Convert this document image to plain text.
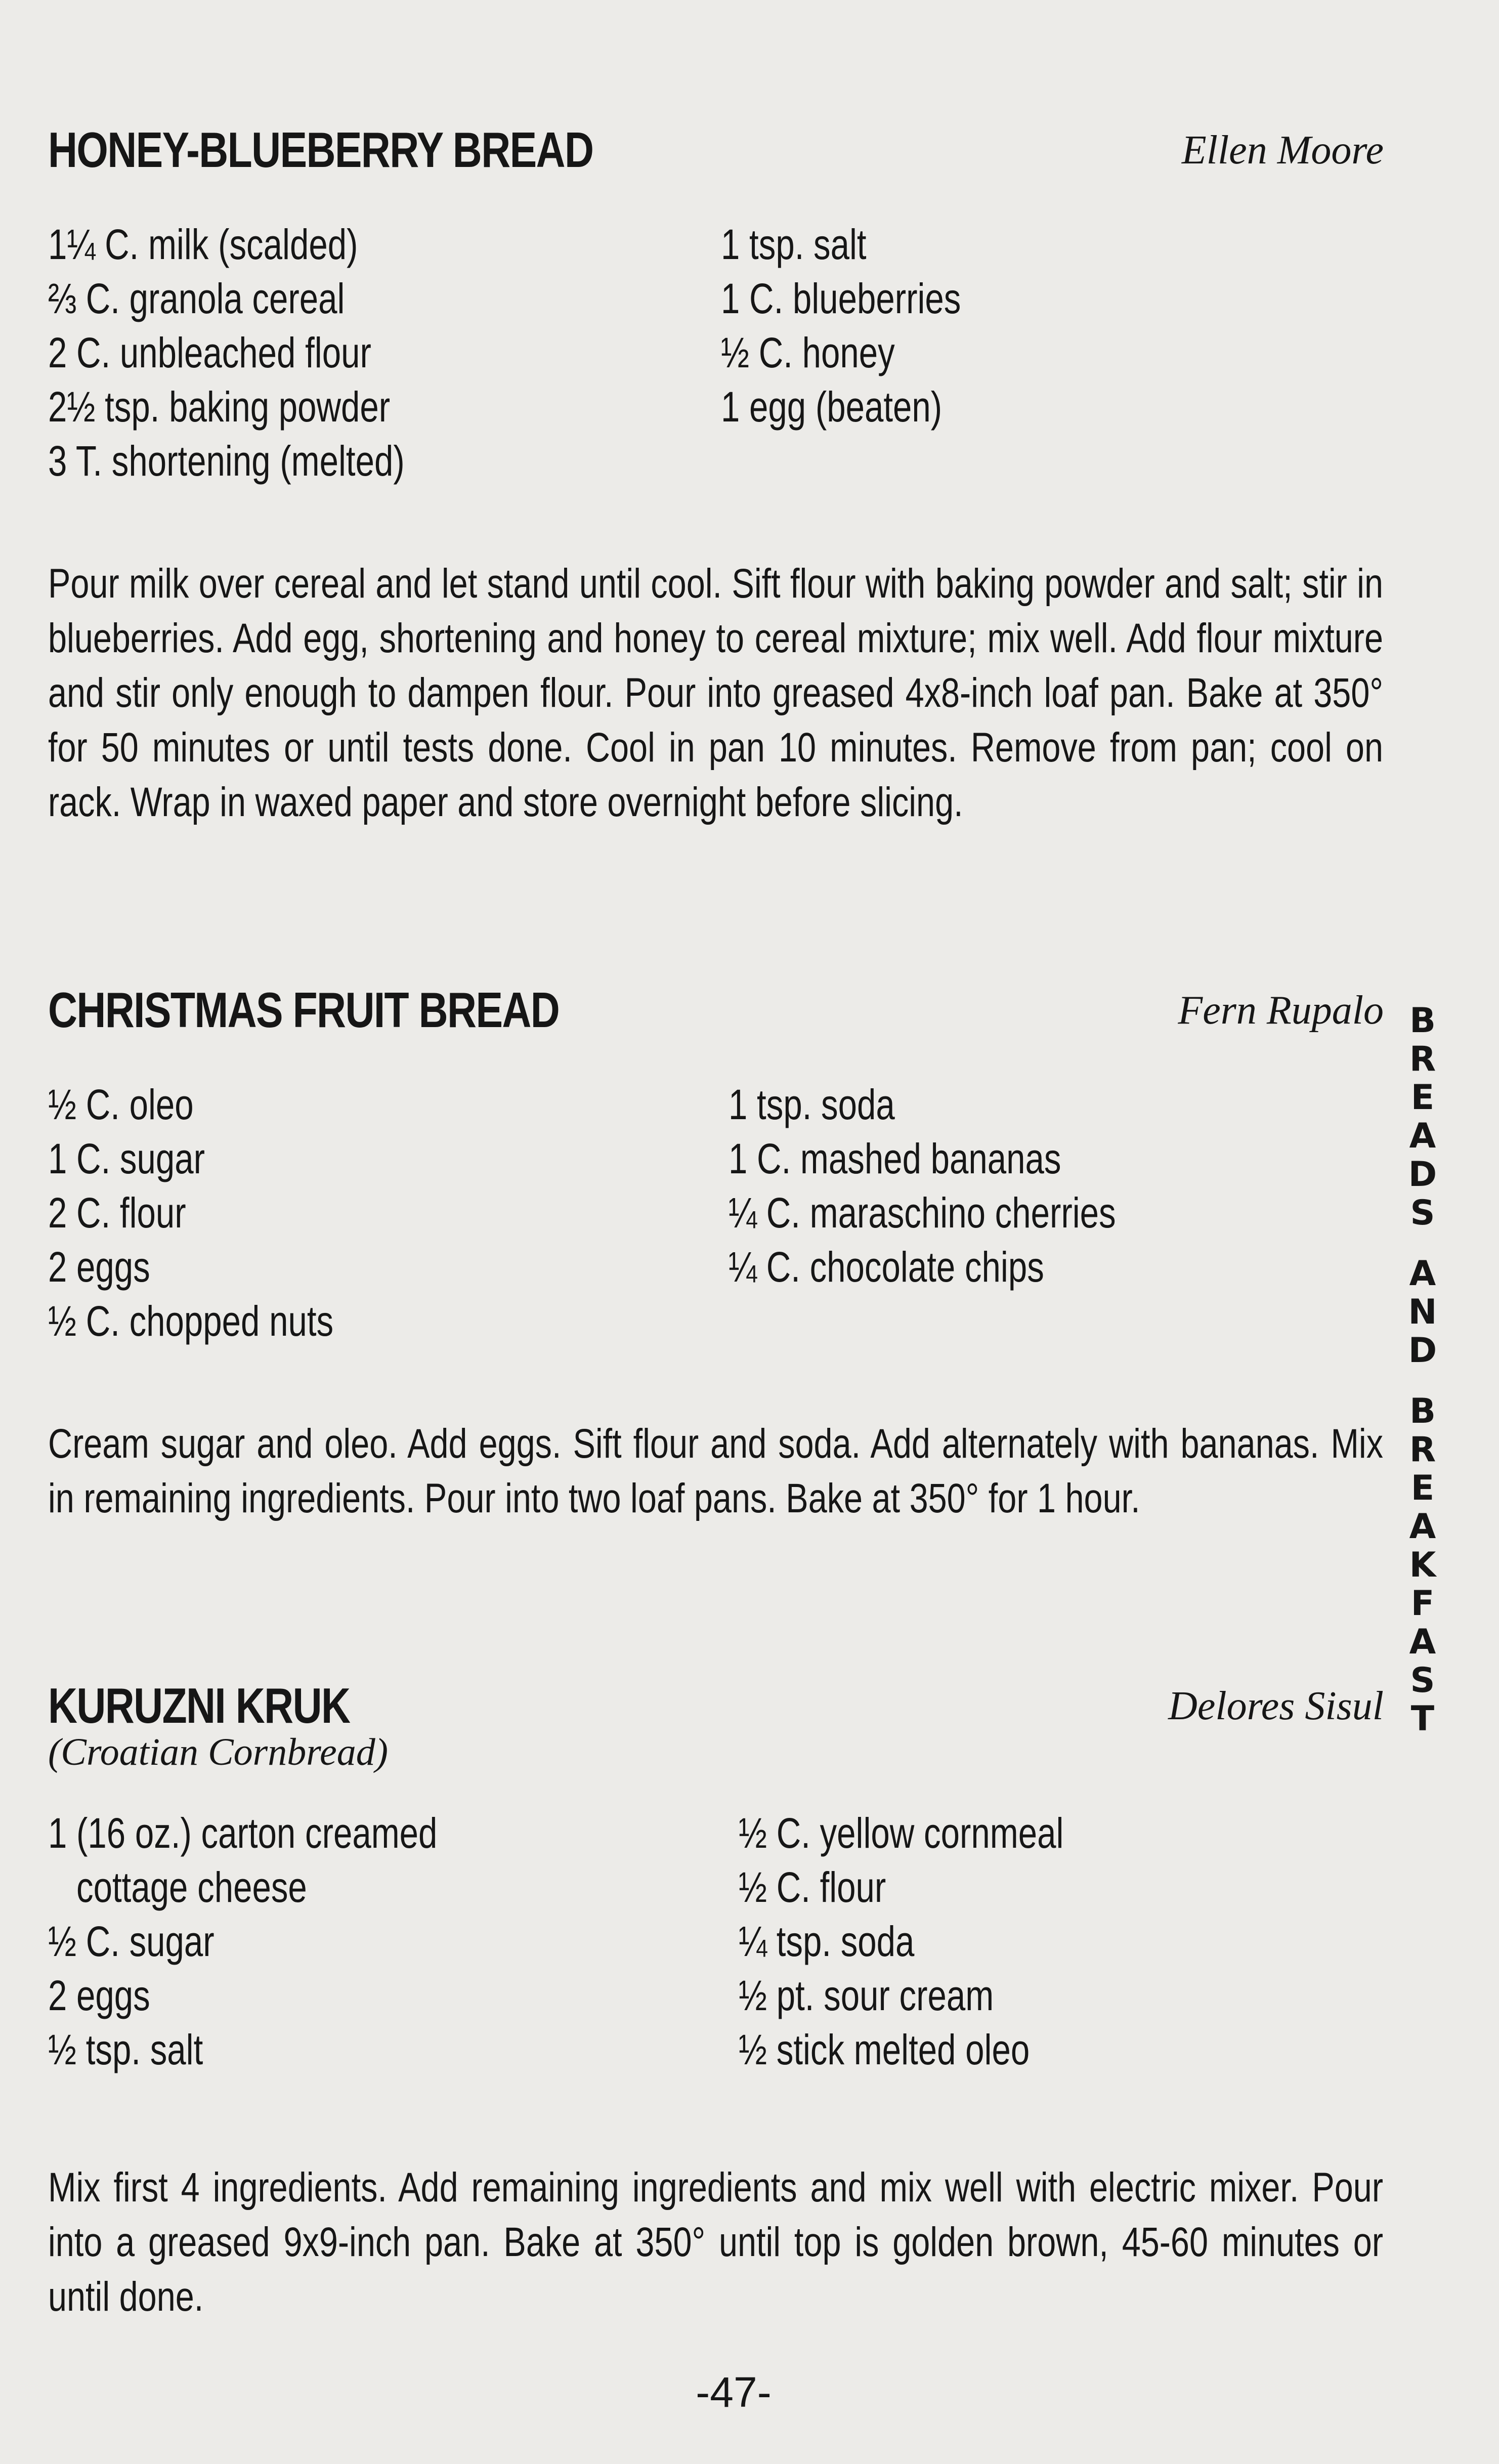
HONEY-BLUEBERRY BREAD	Ellen Moore
1¼ C. milk (scalded)
⅔ C. granola cereal
2 C. unbleached flour
2½ tsp. baking powder
3 T. shortening (melted)
1 tsp. salt
1 C. blueberries
½ C. honey
1 egg (beaten)
Pour milk over cereal and let stand until cool. Sift flour with baking powder and salt; stir in blueberries. Add egg, shortening and honey to cereal mixture; mix well. Add flour mixture and stir only enough to dampen flour. Pour into greased 4x8-inch loaf pan. Bake at 350° for 50 minutes or until tests done. Cool in pan 10 minutes. Remove from pan; cool on rack. Wrap in waxed paper and store overnight before slicing.
CHRISTMAS FRUIT BREAD	Fern Rupalo
½ C. oleo
1 C. sugar
2 C. flour
2 eggs
½ C. chopped nuts
1 tsp. soda
1 C. mashed bananas
¼ C. maraschino cherries
¼ C. chocolate chips
Cream sugar and oleo. Add eggs. Sift flour and soda. Add alternately with bananas. Mix in remaining ingredients. Pour into two loaf pans. Bake at 350° for 1 hour.
KURUZNI KRUK	Delores Sisul
(Croatian Cornbread)
1 (16 oz.) carton creamed
cottage cheese
½ C. sugar
2 eggs
½ tsp. salt
½ C. yellow cornmeal
½ C. flour
¼ tsp. soda
½ pt. sour cream
½ stick melted oleo
Mix first 4 ingredients. Add remaining ingredients and mix well with electric mixer. Pour into a greased 9x9-inch pan. Bake at 350° until top is golden brown, 45-60 minutes or until done.
B
R
E
A
D
S
A
N
D
B
R
E
A
K
F
A
S
T
-47-
